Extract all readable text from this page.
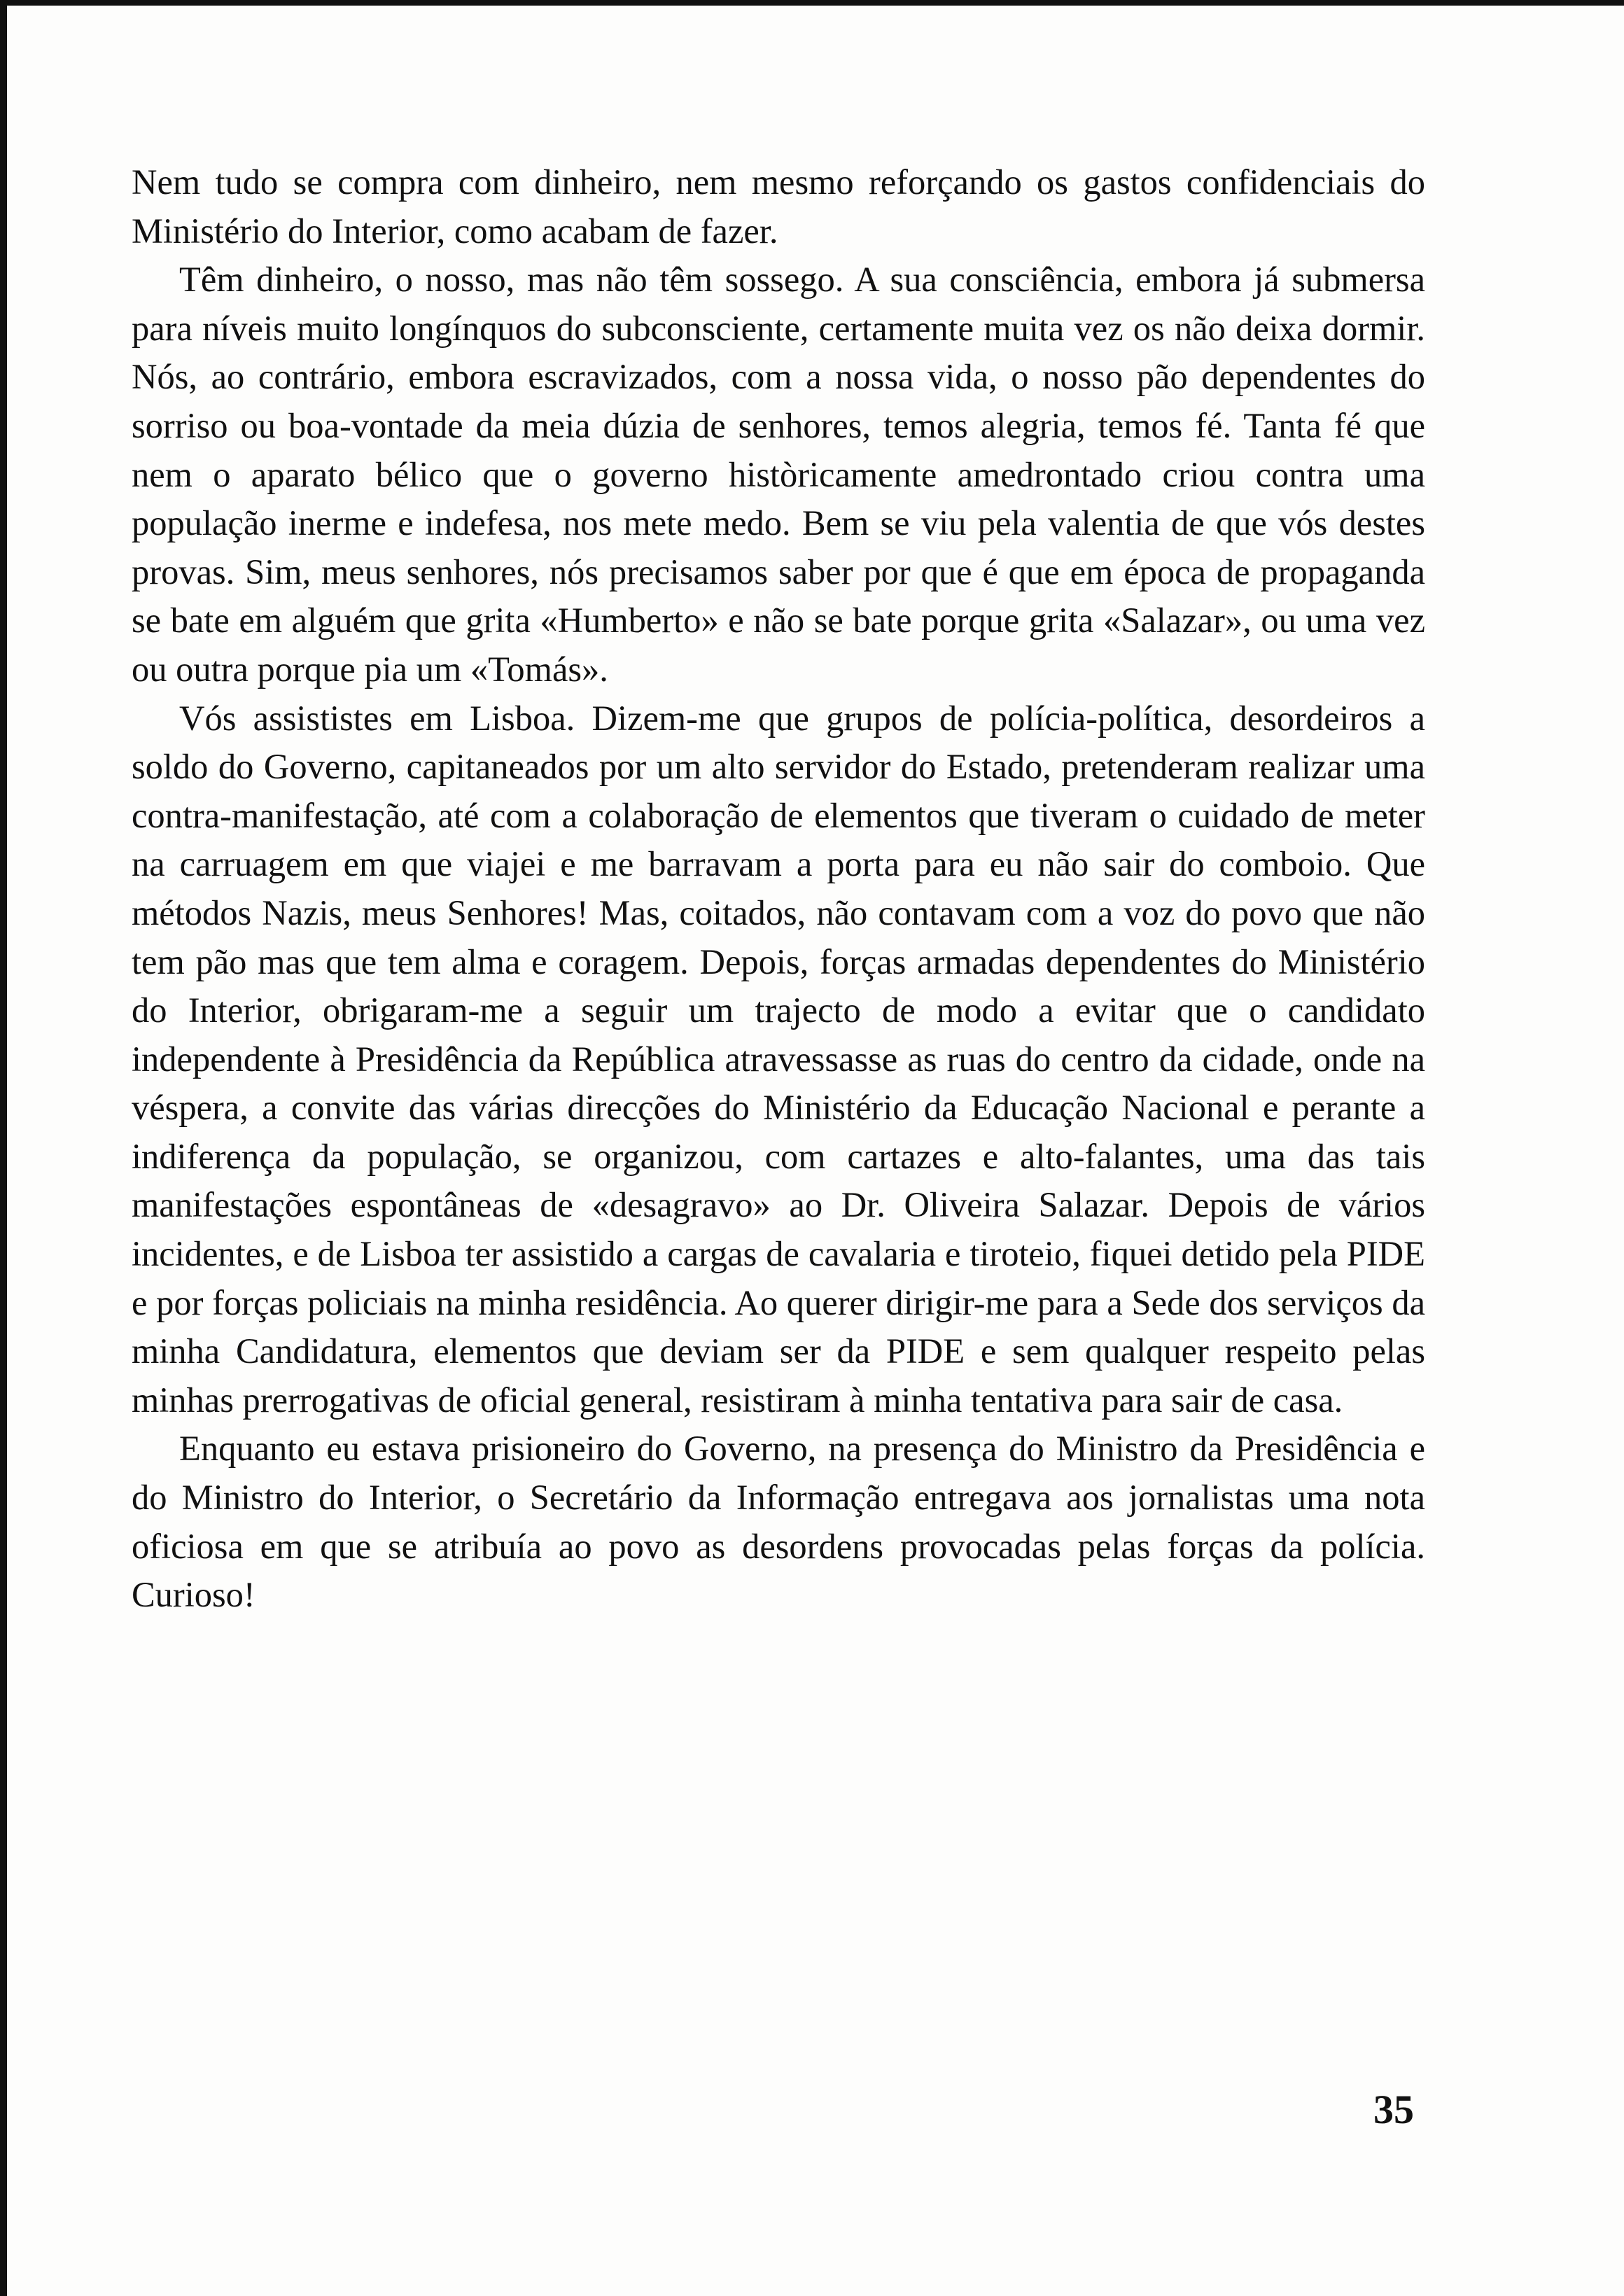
Nem tudo se compra com dinheiro, nem mesmo reforçando os gastos confidenciais do Ministério do Interior, como acabam de fazer.

Têm dinheiro, o nosso, mas não têm sossego. A sua consciência, embora já submersa para níveis muito longínquos do subconsciente, certamente muita vez os não deixa dormir. Nós, ao contrário, embora escravizados, com a nossa vida, o nosso pão dependentes do sorriso ou boa-vontade da meia dúzia de senhores, temos alegria, temos fé. Tanta fé que nem o aparato bélico que o governo històricamente amedrontado criou contra uma população inerme e indefesa, nos mete medo. Bem se viu pela valentia de que vós destes provas. Sim, meus senhores, nós precisamos saber por que é que em época de propaganda se bate em alguém que grita «Humberto» e não se bate porque grita «Salazar», ou uma vez ou outra porque pia um «Tomás».

Vós assististes em Lisboa. Dizem-me que grupos de polícia-política, desordeiros a soldo do Governo, capitaneados por um alto servidor do Estado, pretenderam realizar uma contra-manifestação, até com a colaboração de elementos que tiveram o cuidado de meter na carruagem em que viajei e me barravam a porta para eu não sair do comboio. Que métodos Nazis, meus Senhores! Mas, coitados, não contavam com a voz do povo que não tem pão mas que tem alma e coragem. Depois, forças armadas dependentes do Ministério do Interior, obrigaram-me a seguir um trajecto de modo a evitar que o candidato independente à Presidência da República atravessasse as ruas do centro da cidade, onde na véspera, a convite das várias direcções do Ministério da Educação Nacional e perante a indiferença da população, se organizou, com cartazes e alto-falantes, uma das tais manifestações espontâneas de «desagravo» ao Dr. Oliveira Salazar. Depois de vários incidentes, e de Lisboa ter assistido a cargas de cavalaria e tiroteio, fiquei detido pela PIDE e por forças policiais na minha residência. Ao querer dirigir-me para a Sede dos serviços da minha Candidatura, elementos que deviam ser da PIDE e sem qualquer respeito pelas minhas prerrogativas de oficial general, resistiram à minha tentativa para sair de casa.

Enquanto eu estava prisioneiro do Governo, na presença do Ministro da Presidência e do Ministro do Interior, o Secretário da Informação entregava aos jornalistas uma nota oficiosa em que se atribuía ao povo as desordens provocadas pelas forças da polícia. Curioso!

35
